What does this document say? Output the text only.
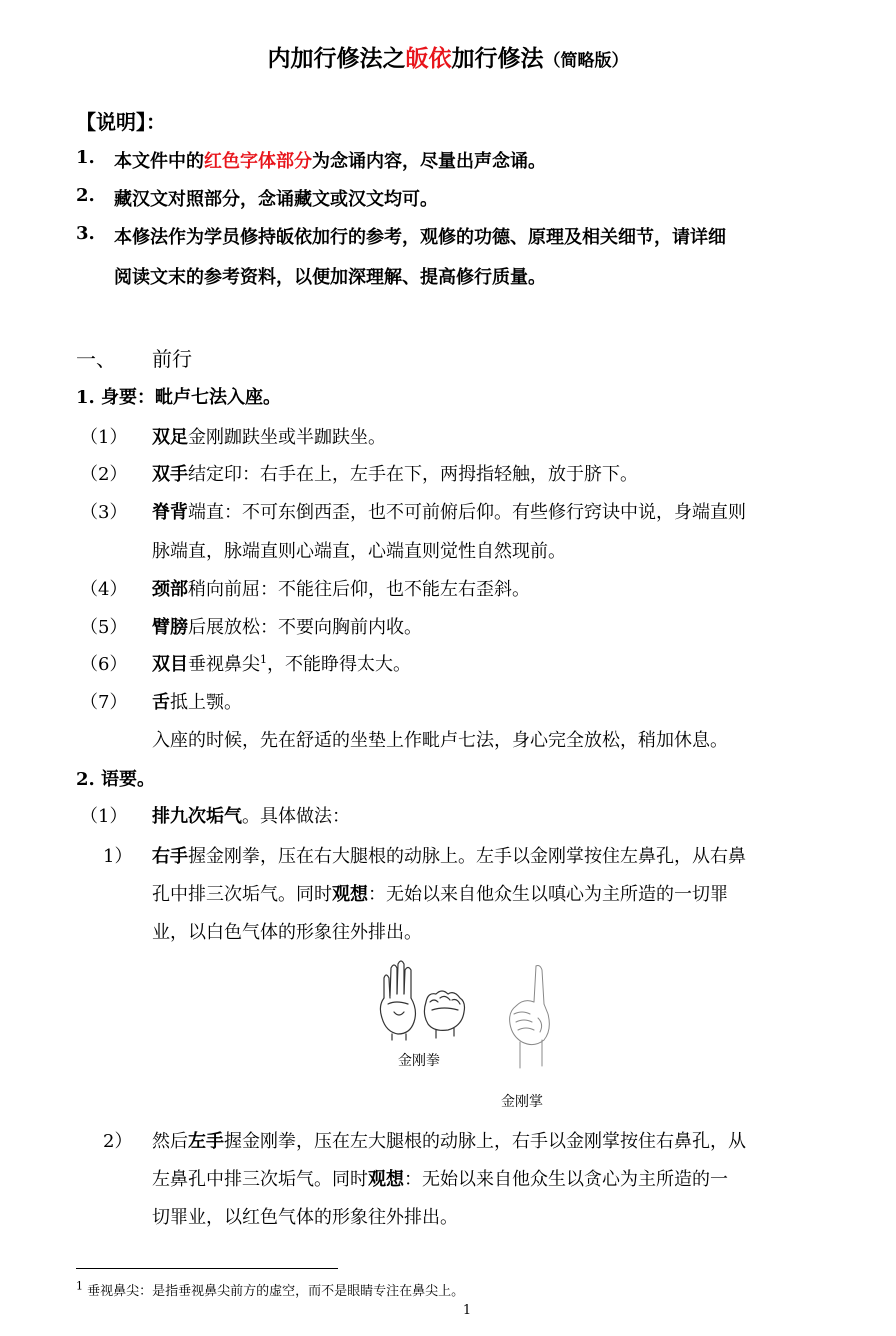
内加行修法之皈依加行修法（简略版）
【说明】：
1. 本文件中的红色字体部分为念诵内容，尽量出声念诵。
2. 藏汉文对照部分，念诵藏文或汉文均可。
3. 本修法作为学员修持皈依加行的参考，观修的功德、原理及相关细节，请详细
阅读文末的参考资料，以便加深理解、提高修行质量。
一、 前行
1. 身要：毗卢七法入座。
（1） 双足金刚跏趺坐或半跏趺坐。
（2） 双手结定印：右手在上，左手在下，两拇指轻触，放于脐下。
（3） 脊背端直：不可东倒西歪，也不可前俯后仰。有些修行窍诀中说，身端直则
脉端直，脉端直则心端直，心端直则觉性自然现前。
（4） 颈部稍向前屈：不能往后仰，也不能左右歪斜。
（5） 臂膀后展放松：不要向胸前内收。
（6） 双目垂视鼻尖$^1$，不能睁得太大。
（7） 舌抵上颚。
入座的时候，先在舒适的坐垫上作毗卢七法，身心完全放松，稍加休息。
2. 语要。
（1） 排九次垢气。具体做法：
1） 右手握金刚拳，压在右大腿根的动脉上。左手以金刚掌按住左鼻孔，从右鼻
孔中排三次垢气。同时观想：无始以来自他众生以嗔心为主所造的一切罪
业，以白色气体的形象往外排出。
金刚拳
金刚掌
2） 然后左手握金刚拳，压在左大腿根的动脉上，右手以金刚掌按住右鼻孔，从
左鼻孔中排三次垢气。同时观想：无始以来自他众生以贪心为主所造的一
切罪业，以红色气体的形象往外排出。
$^1$ 垂视鼻尖：是指垂视鼻尖前方的虚空，而不是眼睛专注在鼻尖上。
1
